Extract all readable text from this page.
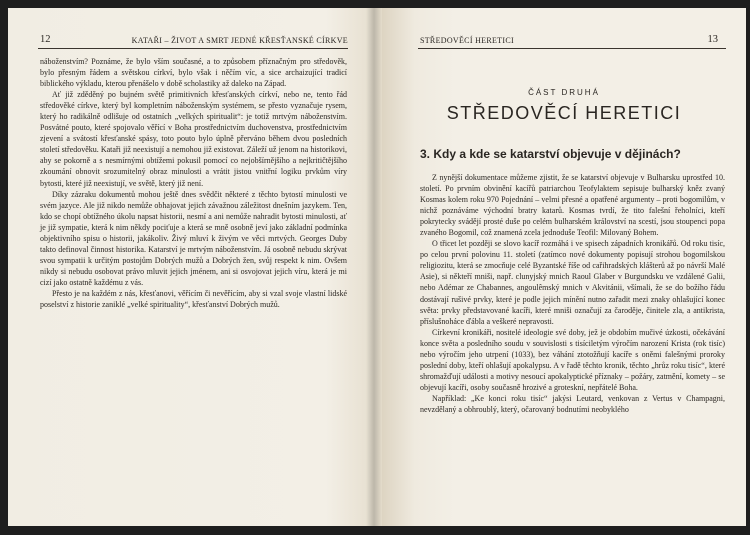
12	KATAŘI – ŽIVOT A SMRT JEDNÉ KŘESŤANSKÉ CÍRKVE

náboženstvím? Poznáme, že bylo vším současné, a to způsobem příznačným pro středověk, bylo přesným řádem a světskou církví, bylo však i něčím víc, a sice archaizující tradicí biblického výkladu, kterou přenášelo v době scholastiky až daleko na Západ.

Ať již zděděný po bujném světě primitivních křesťanských církví, nebo ne, tento řád středověké církve, který byl kompletním náboženským systémem, se přesto vyznačuje rysem, který ho radikálně odlišuje od ostatních „velkých spiritualit“: je totiž mrtvým náboženstvím. Posvátné pouto, které spojovalo věřící v Boha prostřednictvím duchovenstva, prostřednictvím zjevení a svátostí křesťanské spásy, toto pouto bylo úplně přerváno během dvou posledních století středověku. Katařі již neexistují a nemohou již existovat. Záleží už jenom na historikovi, aby se pokorně a s nesmírnými obtížemi pokusil pomocí co nejobšírnějšího a nejkritičtějšího zkoumání obnovit srozumitelný obraz minulosti a vrátit jistou vnitřní logiku prvkům víry bytosti, které již neexistují, ve světě, který již není.

Díky zázraku dokumentů mohou ještě dnes svědčit některé z těchto bytostí minulosti ve svém jazyce. Ale již nikdo nemůže obhajovat jejich závažnou záležitost dnešním jazykem. Ten, kdo se chopí obtížného úkolu napsat historii, nesmí a ani nemůže nahradit bytosti minulosti, ať je již sympatie, která k nim někdy pociťuje a která se mně osobně jeví jako základní podmínka objektivního spisu o historii, jakákoliv. Živý mluví k živým ve věci mrtvých. Georges Duby takto definoval činnost historika. Katarství je mrtvým náboženstvím. Já osobně nebudu skrývat svou sympatii k určitým postojům Dobrých mužů a Dobrých žen, svůj respekt k nim. Ovšem nikdy si nebudu osobovat právo mluvit jejich jménem, ani si osvojovat jejich víru, která je mi cizí jako ostatně každému z vás.

Přesto je na každém z nás, křesťanovi, věřícím či nevěřícím, aby si vzal svoje vlastní lidské poselství z historie zaniklé „velké spirituality“, křesťanství Dobrých mužů.

STŘEDOVĚCÍ HERETICI	13
ČÁST DRUHÁ
STŘEDOVĚCÍ HERETICI
3. Kdy a kde se katarství objevuje v dějinách?

Z nynější dokumentace můžeme zjistit, že se katarství objevuje v Bulharsku uprostřed 10. století. Po prvním obvinění kacířů patriarchou Teofylaktem sepisuje bulharský kněz zvaný Kosmas kolem roku 970 Pojednání – velmi přesné a opatřené argumenty – proti bogomilům, v nichž poznáváme východní bratry katarů. Kosmas tvrdí, že tito falešní řeholníci, kteří pokrytecky svádějí prosté duše po celém bulharském království na scestí, jsou stoupenci popa zvaného Bogomil, což znamená zcela jednoduše Teofil: Milovaný Bohem.

O třicet let později se slovo kacíř rozmáhá i ve spisech západních kronikářů. Od roku tisíc, po celou první polovinu 11. století (zatímco nové dokumenty popisují strohou bogomilskou religiozitu, která se zmocňuje celé Byzantské říše od cařihradských klášterů až po návrší Malé Asie), si někteří mniši, např. clunyjský mnich Raoul Glaber v Burgundsku ve vzdálené Galii, nebo Adémar ze Chabannes, angoulêmský mnich v Akvitánii, všímali, že se do božího řádu dostávají rušivé prvky, které je podle jejich mínění nutno zařadit mezi znaky ohlašující konec světa: prvky představované kacíři, které mniši označují za čaroděje, činitele zla, a antikrista, příslušnoháce ďábla a veškeré nepravosti.

Církevní kronikáři, nositelé ideologie své doby, jež je obdobím mučivé úzkosti, očekávání konce světa a posledního soudu v souvislosti s tisíciletým výročím narození Krista (rok tisíc) nebo výročím jeho utrpení (1033), bez váhání ztotožňují kacíře s oněmi falešnými proroky poslední doby, kteří ohlašují apokalypsu. A v řadě těchto kronik, těchto „hrůz roku tisíc“, které shromažďují události a motivy nesoucí apokalyptické příznaky – požáry, zatmění, komety – se objevují kacíři, osoby současně hrozivé a groteskní, nepřátelé Boha.

Například: „Ke konci roku tisíc“ jakýsi Leutard, venkovan z Vertus v Champagni, nevzdělaný a obhroublý, který, očarovaný bodnutími neobyklého
